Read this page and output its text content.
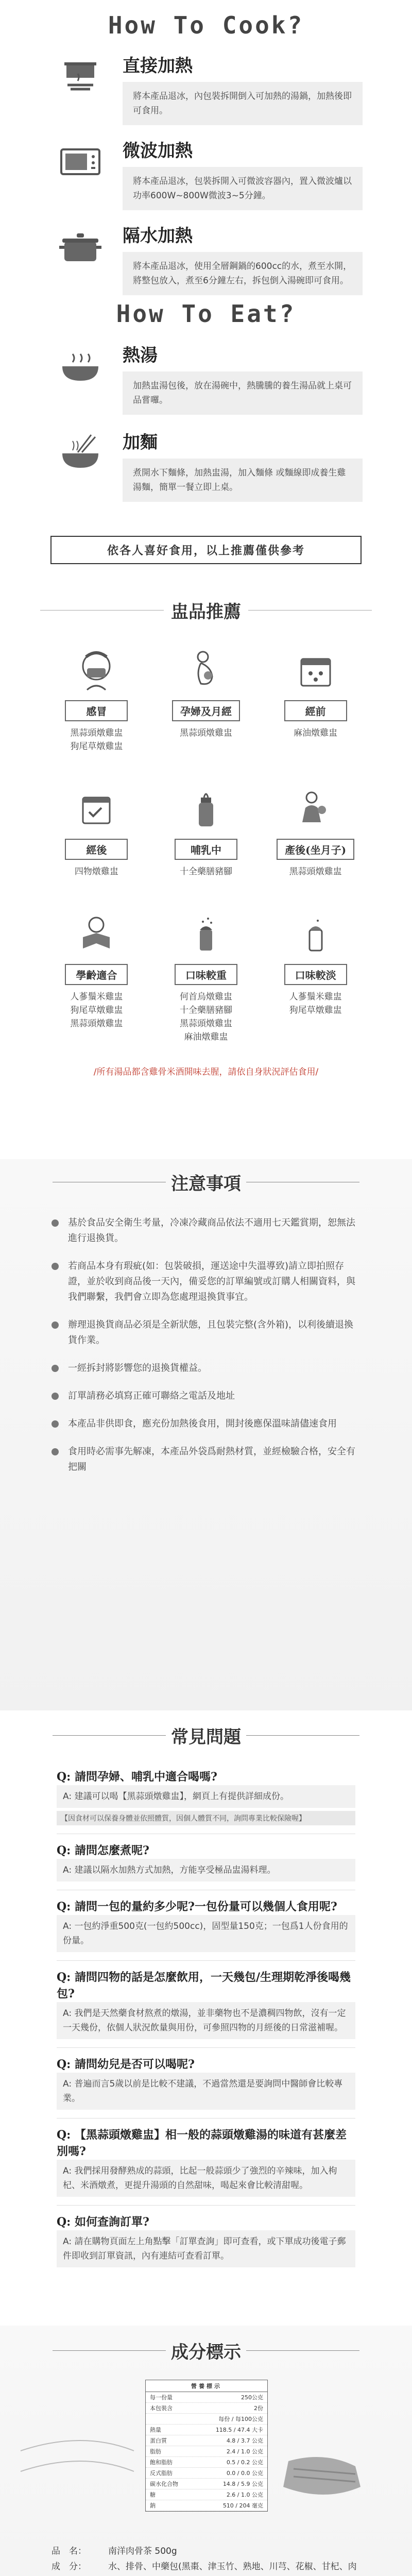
How To Cook?

直接加熱

將本產品退冰，內包裝拆開倒入可加熱的湯鍋，加熱後即可食用。

微波加熱

將本產品退冰，包裝拆開入可微波容器內，置入微波爐以功率600W~800W微波3~5分鐘。

隔水加熱

將本產品退冰，使用全層鋼鍋的600cc的水，煮至水開，將整包放入，煮至6分鐘左右，拆包倒入湯碗即可食用。
How To Eat?

熱湯

加熱盅湯包後，放在湯碗中，熱騰騰的養生湯品就上桌可品嘗囉。

加麵

煮開水下麵條，加熱盅湯，加入麵條 或麵線即成養生雞湯麵，簡單一餐立即上桌。
依各人喜好食用，以上推薦僅供參考
盅品推薦
感冒
黑蒜頭燉雞盅
狗尾草燉雞盅
孕婦及月經
黑蒜頭燉雞盅
經前
麻油燉雞盅
經後
四物燉雞盅
哺乳中
十全藥膳豬腳
產後(坐月子)
黑蒜頭燉雞盅
學齡適合
人蔘鬚米雞盅
狗尾草燉雞盅
黑蒜頭燉雞盅
口味較重
何首烏燉雞盅
十全藥膳豬腳
黑蒜頭燉雞盅
麻油燉雞盅
口味較淡
人蔘鬚米雞盅
狗尾草燉雞盅

/所有湯品都含雞骨米酒開味去腥，請依自身狀況評估食用/

注意事項
基於食品安全衛生考量，冷凍冷藏商品依法不適用七天鑑賞期，恕無法進行退換貨。
若商品本身有瑕疵(如：包裝破損，運送途中失溫導致)請立即拍照存證，並於收到商品後一天內，備妥您的訂單編號或訂購人相關資料，與我們聯繫，我們會立即為您處理退換貨事宜。
辦理退換貨商品必須是全新狀態，且包裝完整(含外箱)，以利後續退換貨作業。
一經拆封將影響您的退換貨權益。
訂單請務必填寫正確可聯絡之電話及地址
本產品非供即食，應充份加熱後食用，開封後應保溫味請儘速食用
食用時必需事先解凍，本產品外袋爲耐熱材質，並經檢驗合格，安全有把關
常見問題
Q: 請問孕婦、哺乳中適合喝嗎?
A: 建議可以喝【黑蒜頭燉雞盅】，網頁上有提供詳細成份。
【因食材可以保養身體並依照體質，因個人體質不同，詢問專業比較保險喔】
Q: 請問怎麼煮呢?
A: 建議以隔水加熱方式加熱，方能享受極品盅湯料理。
Q: 請問一包的量約多少呢?一包份量可以幾個人食用呢?
A: 一包約淨重500克(一包約500cc)，固型量150克；一包爲1人份食用的份量。
Q: 請問四物的話是怎麼飲用，一天幾包/生理期乾淨後喝幾包?
A: 我們是天然藥食材熬煮的燉湯，並非藥物也不是濃稠四物飲，沒有一定一天幾份，依個人狀況飲量與用份，可參照四物的月經後的日常滋補喔。
Q: 請問幼兒是否可以喝呢?
A: 普遍而言5歲以前是比較不建議，不過當然還是要詢問中醫師會比較專業。
Q: 【黑蒜頭燉雞盅】相一般的蒜頭燉雞湯的味道有甚麼差別嗎?
A: 我們採用發酵熟成的蒜頭，比起一般蒜頭少了強烈的辛辣味，加入枸杞、米酒燉煮，更提升湯頭的自然甜味，喝起來會比較清甜喔。
Q: 如何查詢訂單?
A: 請在購物頁面左上角點擊「訂單查詢」即可查看，或下單成功後電子郵件即收到訂單資訊，內有連結可查看訂單。
成分標示
營養標示
每一份量	250公克
本包裝含	2份
每份 / 每100公克
熱量	118.5 / 47.4 大卡
蛋白質	4.8 / 3.7 公克
脂肪	2.4 / 1.0 公克
飽和脂肪	0.5 / 0.2 公克
反式脂肪	0.0 / 0.0 公克
碳水化合物	14.8 / 5.9 公克
糖	2.6 / 1.0 公克
鈉	510 / 204 毫克
品　名：	南洋肉骨茶 500g
成　分：	水、排骨、中藥包(黑棗、津玉竹、熟地、川芎、花椒、甘杞、肉
